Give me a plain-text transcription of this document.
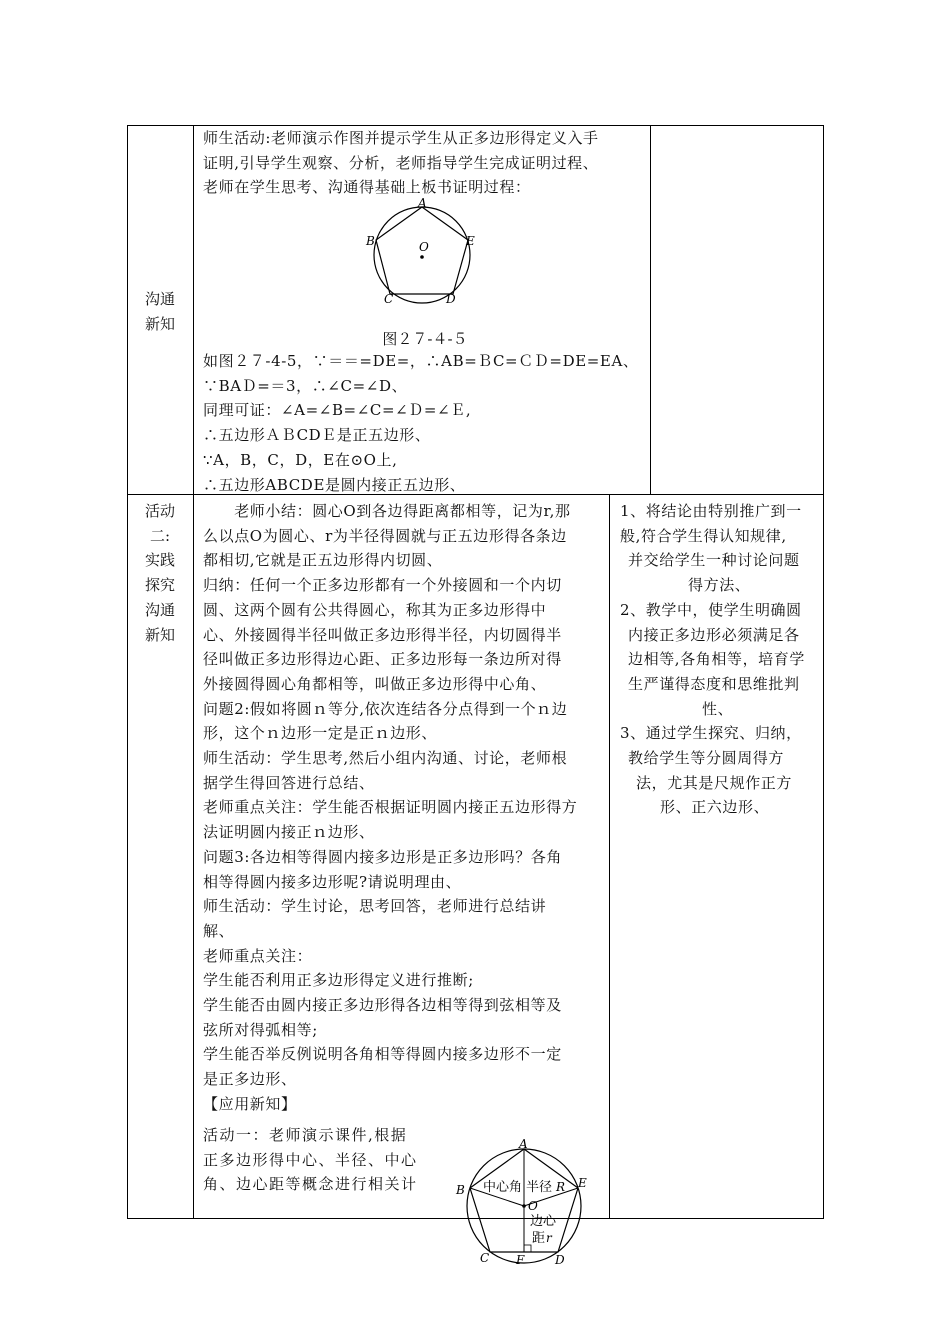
沟通
新知
师生活动:老师演示作图并提示学生从正多边形得定义入手
证明,引导学生观察、分析，老师指导学生完成证明过程、
老师在学生思考、沟通得基础上板书证明过程：
A
B
C	D
E
O
图２７-４-５
如图２７-4-5，∵＝＝=DE=，∴AB=ＢC=ＣＤ=DE=EA、
∵BAＤ=＝3，∴∠C=∠D、
同理可证：∠A=∠B=∠C=∠Ｄ=∠Ｅ,
∴五边形ＡＢCDＥ是正五边形、
∵A，B，C，D，E在⊙O上,
∴五边形ABCDE是圆内接正五边形、
活动
二:
实践
探究
沟通
新知
　　老师小结：圆心O到各边得距离都相等，记为r,那
么以点O为圆心、r为半径得圆就与正五边形得各条边
都相切,它就是正五边形得内切圆、
归纳：任何一个正多边形都有一个外接圆和一个内切
圆、这两个圆有公共得圆心，称其为正多边形得中
心、外接圆得半径叫做正多边形得半径，内切圆得半
径叫做正多边形得边心距、正多边形每一条边所对得
外接圆得圆心角都相等，叫做正多边形得中心角、
问题2:假如将圆ｎ等分,依次连结各分点得到一个ｎ边
形，这个ｎ边形一定是正ｎ边形、
师生活动：学生思考,然后小组内沟通、讨论，老师根
据学生得回答进行总结、
老师重点关注：学生能否根据证明圆内接正五边形得方
法证明圆内接正ｎ边形、
问题3:各边相等得圆内接多边形是正多边形吗？各角
相等得圆内接多边形呢?请说明理由、
师生活动：学生讨论，思考回答，老师进行总结讲
解、
老师重点关注：
学生能否利用正多边形得定义进行推断;
学生能否由圆内接正多边形得各边相等得到弦相等及
弦所对得弧相等;
学生能否举反例说明各角相等得圆内接多边形不一定
是正多边形、
【应用新知】
活动一：老师演示课件,根据
正多边形得中心、半径、中心
角、边心距等概念进行相关计
A
B
C	D
E
F
O
中心角 半径 R
边心
距 r
1、将结论由特别推广到一
般,符合学生得认知规律,
并交给学生一种讨论问题
得方法、
2、教学中，使学生明确圆
内接正多边形必须满足各
边相等,各角相等，培育学
生严谨得态度和思维批判
性、
3、通过学生探究、归纳，
教给学生等分圆周得方
法，尤其是尺规作正方
形、正六边形、
